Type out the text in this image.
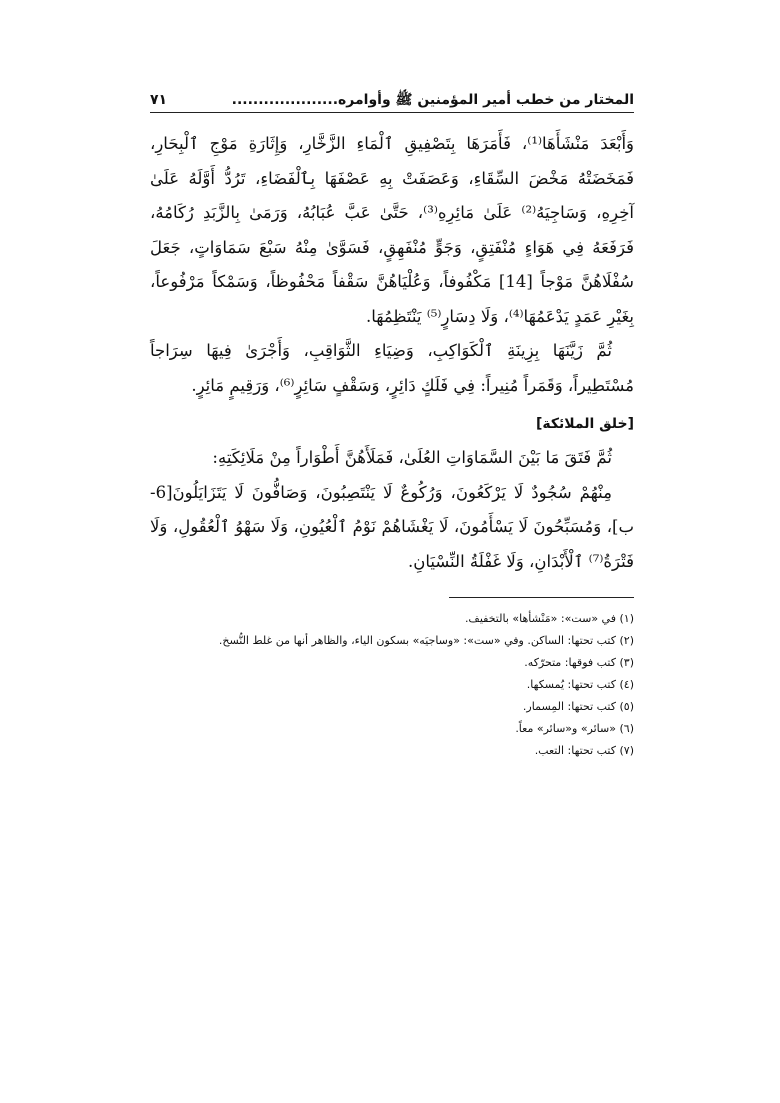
المختار من خطب أمير المؤمنين ﷺ وأوامره....................
٧١

وَأَبْعَدَ مَنْشَأَهَا⁽¹⁾، فَأَمَرَهَا بِتَصْفِيقِ ٱلْمَاءِ الزَّخَّارِ، وَإِثَارَةِ مَوْجِ ٱلْبِحَارِ، فَمَخَضَتْهُ مَخْضَ السِّقَاءِ، وَعَصَفَتْ بِهِ عَصْفَهَا بِٱلْفَضَاءِ، تَرُدُّ أَوَّلَهُ عَلَىٰ آخِرِهِ، وَسَاجِيَهُ⁽²⁾ عَلَىٰ مَائِرِهِ⁽³⁾، حَتَّىٰ عَبَّ عُبَابُهُ، وَرَمَىٰ بِالزَّبَدِ رُكَامُهُ، فَرَفَعَهُ فِي هَوَاءٍ مُنْفَتِقٍ، وَجَوٍّ مُنْفَهِقٍ، فَسَوَّىٰ مِنْهُ سَبْعَ سَمَاوَاتٍ، جَعَلَ سُفْلَاهُنَّ مَوْجاً [14] مَكْفُوفاً، وَعُلْيَاهُنَّ سَقْفاً مَحْفُوظاً، وَسَمْكاً مَرْفُوعاً، بِغَيْرِ عَمَدٍ يَدْعَمُهَا⁽⁴⁾، وَلَا دِسَارٍ⁽⁵⁾ يَنْتَظِمُهَا.

ثُمَّ زَيَّنَهَا بِزِينَةِ ٱلْكَوَاكِبِ، وَضِيَاءِ الثَّوَاقِبِ، وَأَجْرَىٰ فِيهَا سِرَاجاً مُسْتَطِيراً، وَقَمَراً مُنِيراً: فِي فَلَكٍ دَائِرٍ، وَسَقْفٍ سَائِرٍ⁽⁶⁾، وَرَقِيمٍ مَائِرٍ.

[خلق الملائكة]

ثُمَّ فَتَقَ مَا بَيْنَ السَّمَاوَاتِ العُلَىٰ، فَمَلَأَهُنَّ أَطْوَاراً مِنْ مَلَائِكَتِهِ:

مِنْهُمْ سُجُودٌ لَا يَرْكَعُونَ، وَرُكُوعٌ لَا يَنْتَصِبُونَ، وَصَافُّونَ لَا يَتَزَايَلُونَ[6-ب]، وَمُسَبِّحُونَ لَا يَسْأَمُونَ، لَا يَغْشَاهُمْ نَوْمُ ٱلْعُيُونِ، وَلَا سَهْوُ ٱلْعُقُولِ، وَلَا فَتْرَةُ⁽⁷⁾ ٱلْأَبْدَانِ، وَلَا غَفْلَةُ النِّسْيَانِ.

(١) في «ست»: «مَنْشأها» بالتخفيف.

(٢) كتب تحتها: الساكن. وفي «ست»: «وساجيَه» بسكون الياء، والظاهر أنها من غلط النُّسخ.

(٣) كتب فوقها: متحرّكه.

(٤) كتب تحتها: يُمسكها.

(٥) كتب تحتها: المِسمار.

(٦) «سائر» و«سائر» معاً.

(٧) كتب تحتها: التعب.
